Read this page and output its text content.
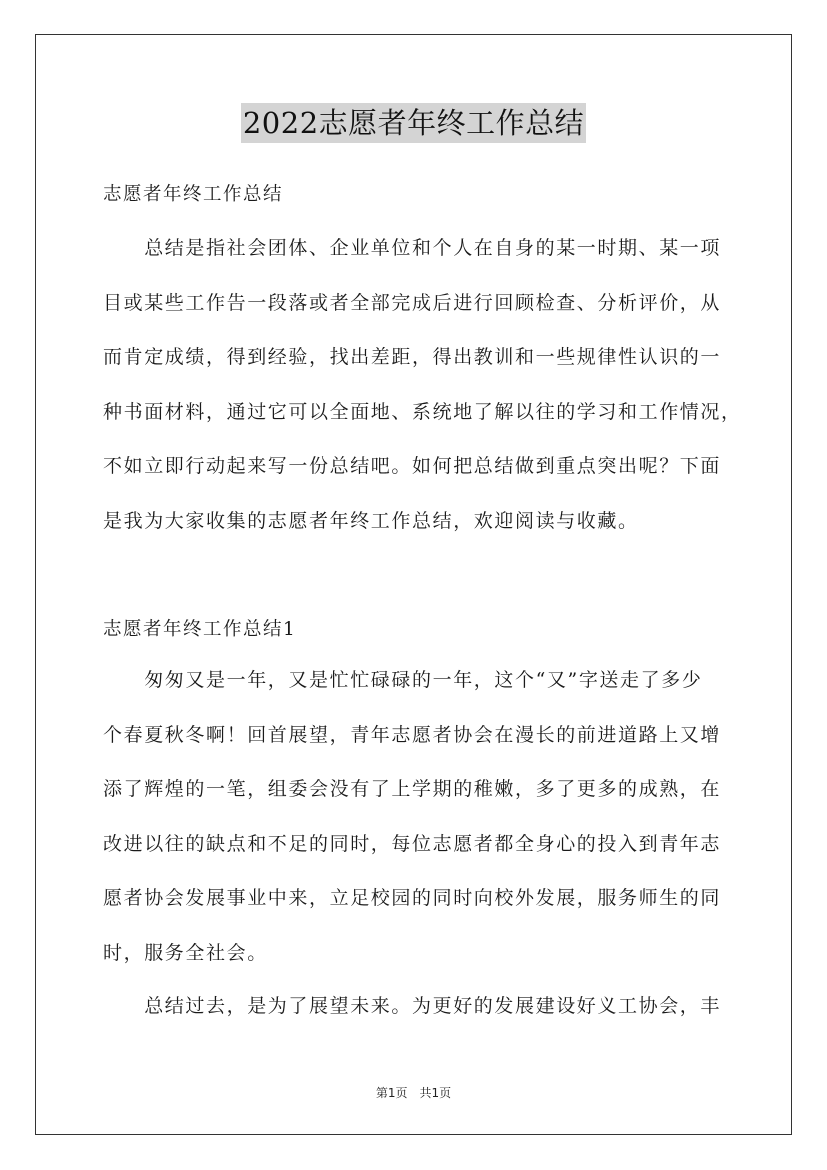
2022志愿者年终工作总结
志愿者年终工作总结
　　总结是指社会团体、企业单位和个人在自身的某一时期、某一项
目或某些工作告一段落或者全部完成后进行回顾检查、分析评价，从
而肯定成绩，得到经验，找出差距，得出教训和一些规律性认识的一
种书面材料，通过它可以全面地、系统地了解以往的学习和工作情况，
不如立即行动起来写一份总结吧。如何把总结做到重点突出呢？下面
是我为大家收集的志愿者年终工作总结，欢迎阅读与收藏。
志愿者年终工作总结1
　　匆匆又是一年，又是忙忙碌碌的一年，这个“又”字送走了多少
个春夏秋冬啊！回首展望，青年志愿者协会在漫长的前进道路上又增
添了辉煌的一笔，组委会没有了上学期的稚嫩，多了更多的成熟，在
改进以往的缺点和不足的同时，每位志愿者都全身心的投入到青年志
愿者协会发展事业中来，立足校园的同时向校外发展，服务师生的同
时，服务全社会。
　　总结过去，是为了展望未来。为更好的发展建设好义工协会，丰
第1页　共1页
